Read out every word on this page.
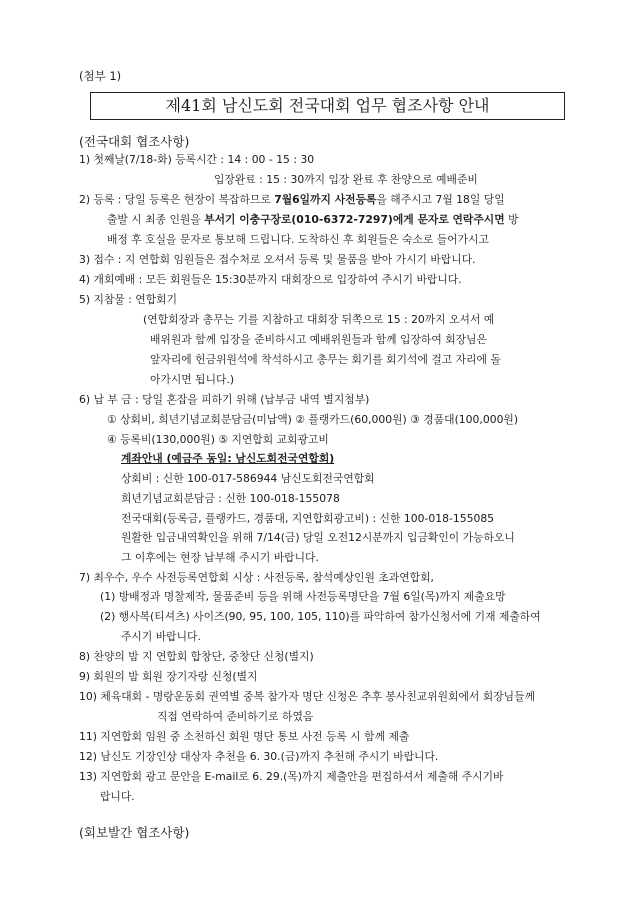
(첨부 1)
제41회 남신도회 전국대회 업무 협조사항 안내
(전국대회 협조사항)
1) 첫째날(7/18-화) 등록시간 : 14 : 00 - 15 : 30
입장완료 : 15 : 30까지 입장 완료 후 찬양으로 예배준비
2) 등록 : 당일 등록은 현장이 복잡하므로 7월6일까지 사전등록을 해주시고 7월 18일 당일
출발 시 최종 인원을 부서기 이충구장로(010-6372-7297)에게 문자로 연락주시면 방
배정 후 호실을 문자로 통보해 드립니다. 도착하신 후 회원들은 숙소로 들어가시고
3) 접수 : 지 연합회 임원들은 접수처로 오셔서 등록 및 물품을 받아 가시기 바랍니다.
4) 개회예배 : 모든 회원들은 15:30분까지 대회장으로 입장하여 주시기 바랍니다.
5) 지참물 : 연합회기
(연합회장과 총무는 기를 지참하고 대회장 뒤쪽으로 15 : 20까지 오셔서 예
배위원과 함께 입장을 준비하시고 예배위원들과 함께 입장하여 회장님은
앞자리에 헌금위원석에 착석하시고 총무는 회기를 회기석에 걸고 자리에 돌
아가시면 됩니다.)
6) 납 부 금 : 당일 혼잡을 피하기 위해 (납부금 내역 별지첨부)
① 상회비, 희년기념교회분담금(미납액) ② 플랭카드(60,000원) ③ 경품대(100,000원)
④ 등록비(130,000원) ⑤ 지연합회 교회광고비
계좌안내 (예금주 동일: 남신도회전국연합회)
상회비 : 신한 100-017-586944 남신도회전국연합회
희년기념교회분담금 : 신한 100-018-155078
전국대회(등록금, 플랭카드, 경품대, 지연합회광고비) : 신한 100-018-155085
원활한 입금내역확인을 위해 7/14(금) 당일 오전12시분까지 입금확인이 가능하오니
그 이후에는 현장 납부해 주시기 바랍니다.
7) 최우수, 우수 사전등록연합회 시상 : 사전등록, 참석예상인원 초과연합회,
(1) 방배정과 명찰제작, 물품준비 등을 위해 사전등록명단을 7월 6일(목)까지 제출요망
(2) 행사복(티셔츠) 사이즈(90, 95, 100, 105, 110)를 파악하여 참가신청서에 기재 제출하여
주시기 바랍니다.
8) 찬양의 밤 지 연합회 합창단, 중창단 신청(별지)
9) 회원의 밤 회원 장기자랑 신청(별지
10) 체육대회 - 명랑운동회 권역별 중복 참가자 명단 신청은 추후 봉사친교위원회에서 회장님들께
직접 연락하여 준비하기로 하였음
11) 지연합회 임원 중 소천하신 회원 명단 통보 사전 등록 시 함께 제출
12) 남신도 기장인상 대상자 추천을 6. 30.(금)까지 추천해 주시기 바랍니다.
13) 지연합회 광고 문안을 E-mail로 6. 29.(목)까지 제출안을 편집하셔서 제출해 주시기바
랍니다.
(회보발간 협조사항)
